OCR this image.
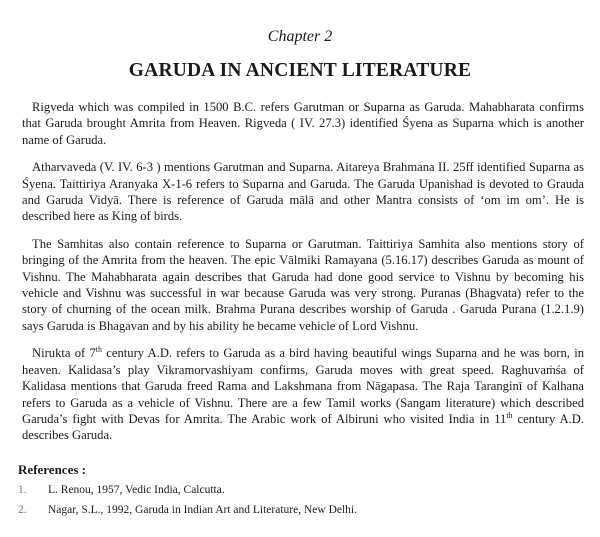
Chapter 2
GARUDA IN ANCIENT LITERATURE

Rigveda which was compiled in 1500 B.C. refers Garutman or Suparna as Garuda. Mahabharata confirms that Garuda brought Amrita from Heaven. Rigveda ( IV. 27.3) identified Śyena as Suparna which is another name of Garuda.

Atharvaveda (V. IV. 6-3 ) mentions Garutman and Suparna. Aitareya Brahmana II. 25ff identified Suparna as Śyena. Taittiriya Aranyaka X-1-6 refers to Suparna and Garuda. The Garuda Upanishad is devoted to Grauda and Garuda Vidyā. There is reference of Garuda mālā and other Mantra consists of ‘om im om’. He is described here as King of birds.

The Samhitas also contain reference to Suparna or Garutman. Taittiriya Samhita also mentions story of bringing of the Amrita from the heaven. The epic Vālmiki Ramayana (5.16.17) describes Garuda as mount of Vishnu. The Mahabharata again describes that Garuda had done good service to Vishnu by becoming his vehicle and Vishnu was successful in war because Garuda was very strong. Puranas (Bhagvata) refer to the story of churning of the ocean milk. Brahma Purana describes worship of Garuda . Garuda Purana (1.2.1.9) says Garuda is Bhagavan and by his ability he became vehicle of Lord Vishnu.

Nirukta of 7th century A.D. refers to Garuda as a bird having beautiful wings Suparna and he was born, in heaven. Kalidasa’s play Vikramorvashiyam confirms, Garuda moves with great speed. Raghuvaṁśa of Kalidasa mentions that Garuda freed Rama and Lakshmana from Nāgapasa. The Raja Taranginī of Kalhana refers to Garuda as a vehicle of Vishnu. There are a few Tamil works (Sangam literature) which described Garuda’s fight with Devas for Amrita. The Arabic work of Albiruni who visited India in 11th century A.D. describes Garuda.

References :
1.	L. Renou, 1957, Vedic India, Calcutta.
2.	Nagar, S.L., 1992, Garuda in Indian Art and Literature, New Delhi.
